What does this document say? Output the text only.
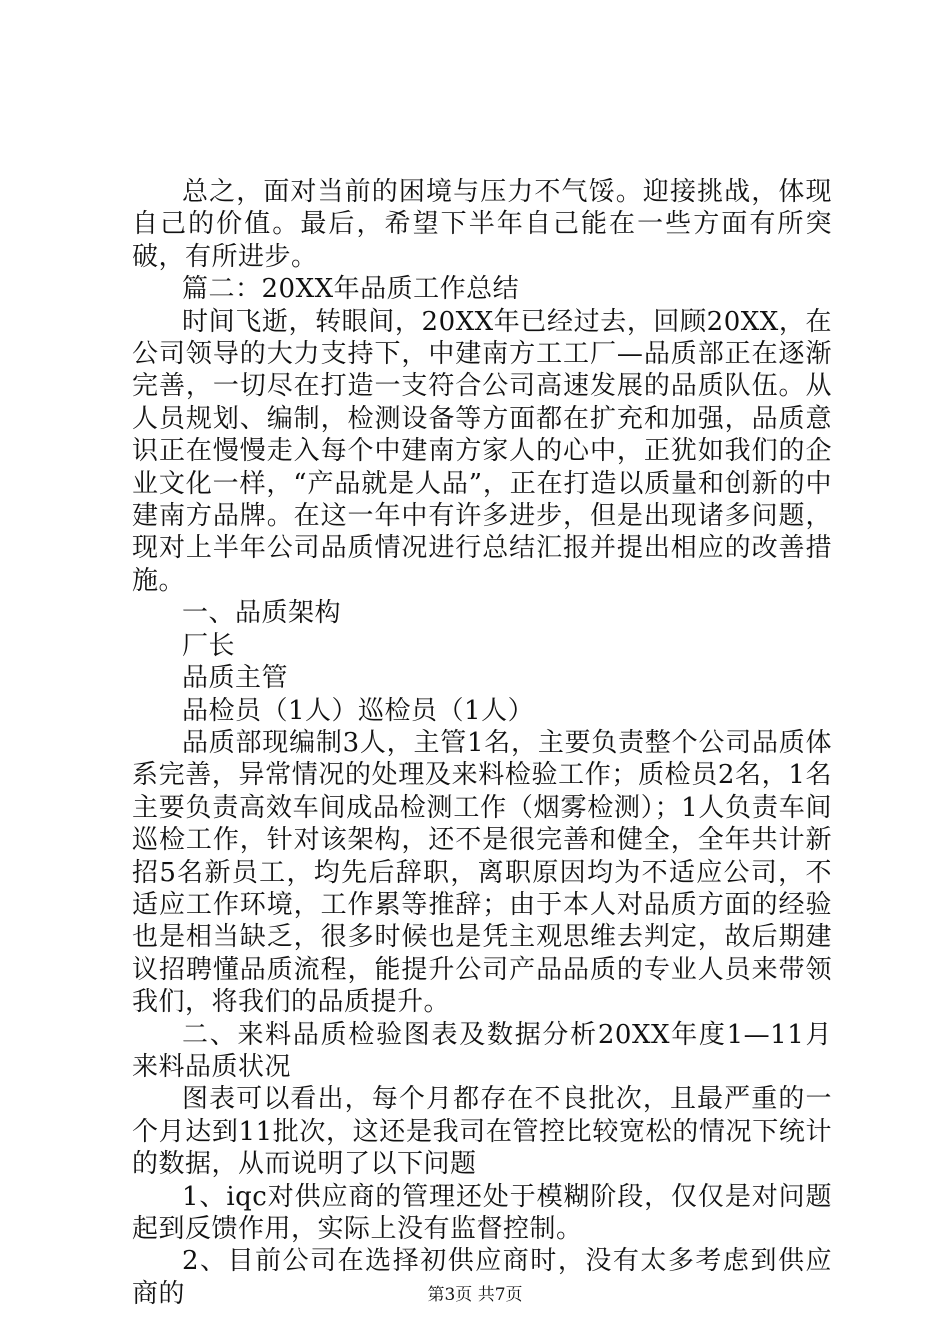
总之，面对当前的困境与压力不气馁。迎接挑战，体现自己的价值。最后，希望下半年自己能在一些方面有所突破，有所进步。

篇二：20XX年品质工作总结

时间飞逝，转眼间，20XX年已经过去，回顾20XX，在公司领导的大力支持下，中建南方工工厂—品质部正在逐渐完善，一切尽在打造一支符合公司高速发展的品质队伍。从人员规划、编制，检测设备等方面都在扩充和加强，品质意识正在慢慢走入每个中建南方家人的心中，正犹如我们的企业文化一样，“产品就是人品”，正在打造以质量和创新的中建南方品牌。在这一年中有许多进步，但是出现诸多问题，现对上半年公司品质情况进行总结汇报并提出相应的改善措施。

一、品质架构

厂长

品质主管

品检员（1人）巡检员（1人）

品质部现编制3人，主管1名，主要负责整个公司品质体系完善，异常情况的处理及来料检验工作；质检员2名，1名主要负责高效车间成品检测工作（烟雾检测）；1人负责车间巡检工作，针对该架构，还不是很完善和健全，全年共计新招5名新员工，均先后辞职，离职原因均为不适应公司，不适应工作环境，工作累等推辞；由于本人对品质方面的经验也是相当缺乏，很多时候也是凭主观思维去判定，故后期建议招聘懂品质流程，能提升公司产品品质的专业人员来带领我们，将我们的品质提升。

二、来料品质检验图表及数据分析20XX年度1—11月来料品质状况

图表可以看出，每个月都存在不良批次，且最严重的一个月达到11批次，这还是我司在管控比较宽松的情况下统计的数据，从而说明了以下问题

1、iqc对供应商的管理还处于模糊阶段，仅仅是对问题起到反馈作用，实际上没有监督控制。

2、目前公司在选择初供应商时，没有太多考虑到供应商的	第3页 共7页
